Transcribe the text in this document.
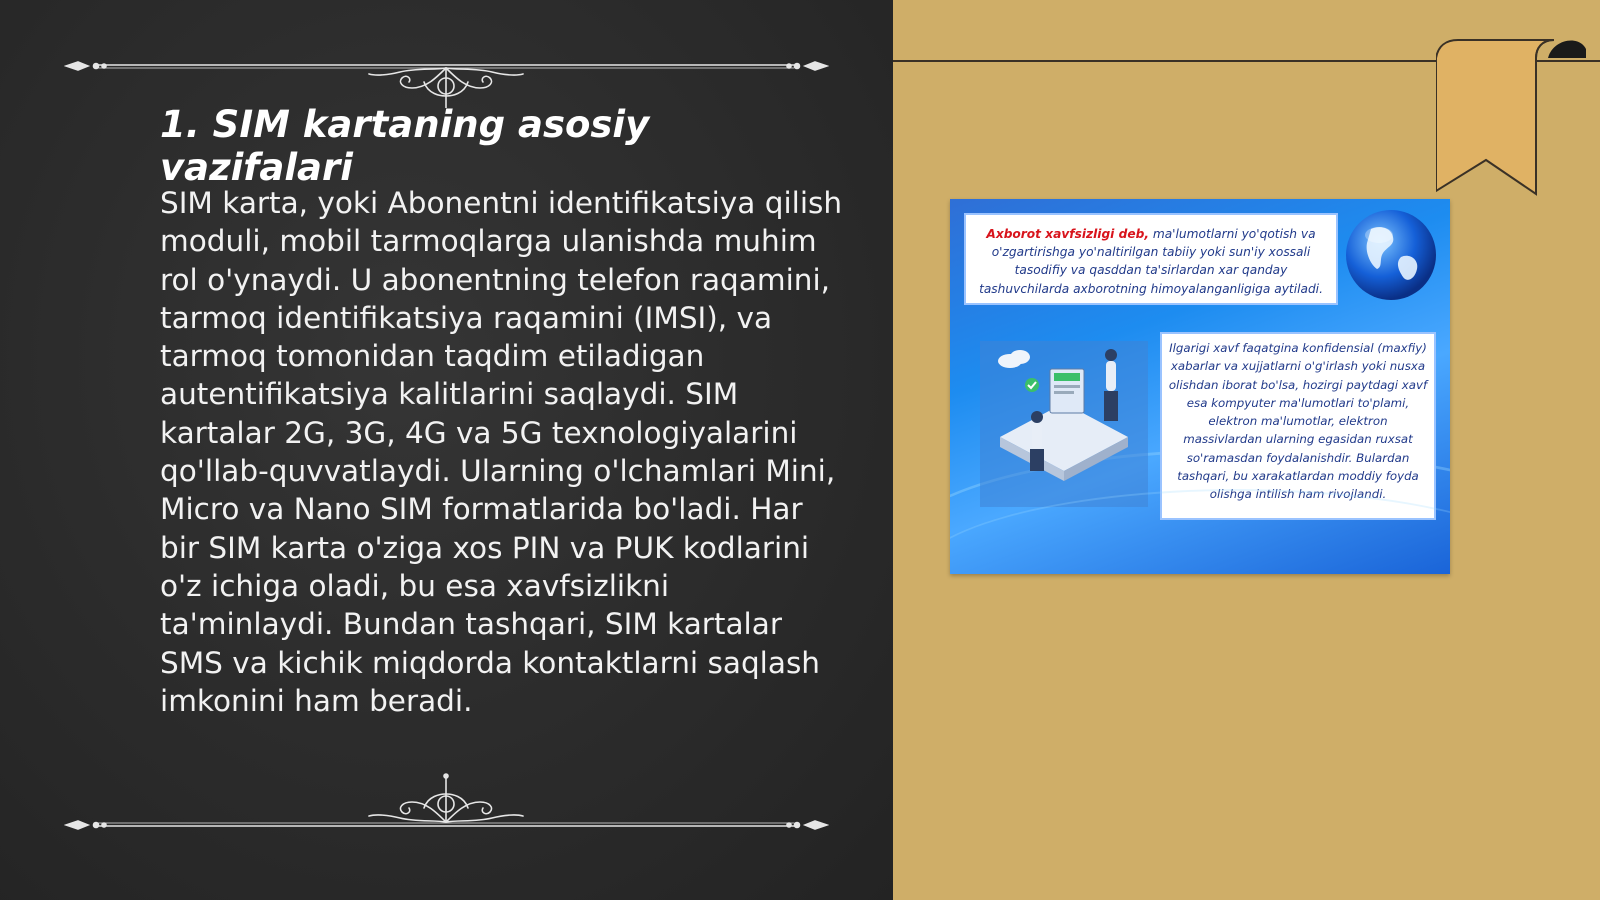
1. SIM kartaning asosiy vazifalari

SIM karta, yoki Abonentni identifikatsiya qilish moduli, mobil tarmoqlarga ulanishda muhim rol o'ynaydi. U abonentning telefon raqamini, tarmoq identifikatsiya raqamini (IMSI), va tarmoq tomonidan taqdim etiladigan autentifikatsiya kalitlarini saqlaydi. SIM kartalar 2G, 3G, 4G va 5G texnologiyalarini qo'llab-quvvatlaydi. Ularning o'lchamlari Mini, Micro va Nano SIM formatlarida bo'ladi. Har bir SIM karta o'ziga xos PIN va PUK kodlarini o'z ichiga oladi, bu esa xavfsizlikni ta'minlaydi. Bundan tashqari, SIM kartalar SMS va kichik miqdorda kontaktlarni saqlash imkonini ham beradi.

Axborot xavfsizligi deb, ma'lumotlarni yo'qotish va o'zgartirishga yo'naltirilgan tabiiy yoki sun'iy xossali tasodifiy va qasddan ta'sirlardan xar qanday tashuvchilarda axborotning himoyalanganligiga aytiladi.
Ilgarigi xavf faqatgina konfidensial (maxfiy) xabarlar va xujjatlarni o'g'irlash yoki nusxa olishdan iborat bo'lsa, hozirgi paytdagi xavf esa kompyuter ma'lumotlari to'plami, elektron ma'lumotlar, elektron massivlardan ularning egasidan ruxsat so'ramasdan foydalanishdir. Bulardan tashqari, bu xarakatlardan moddiy foyda olishga intilish ham rivojlandi.
